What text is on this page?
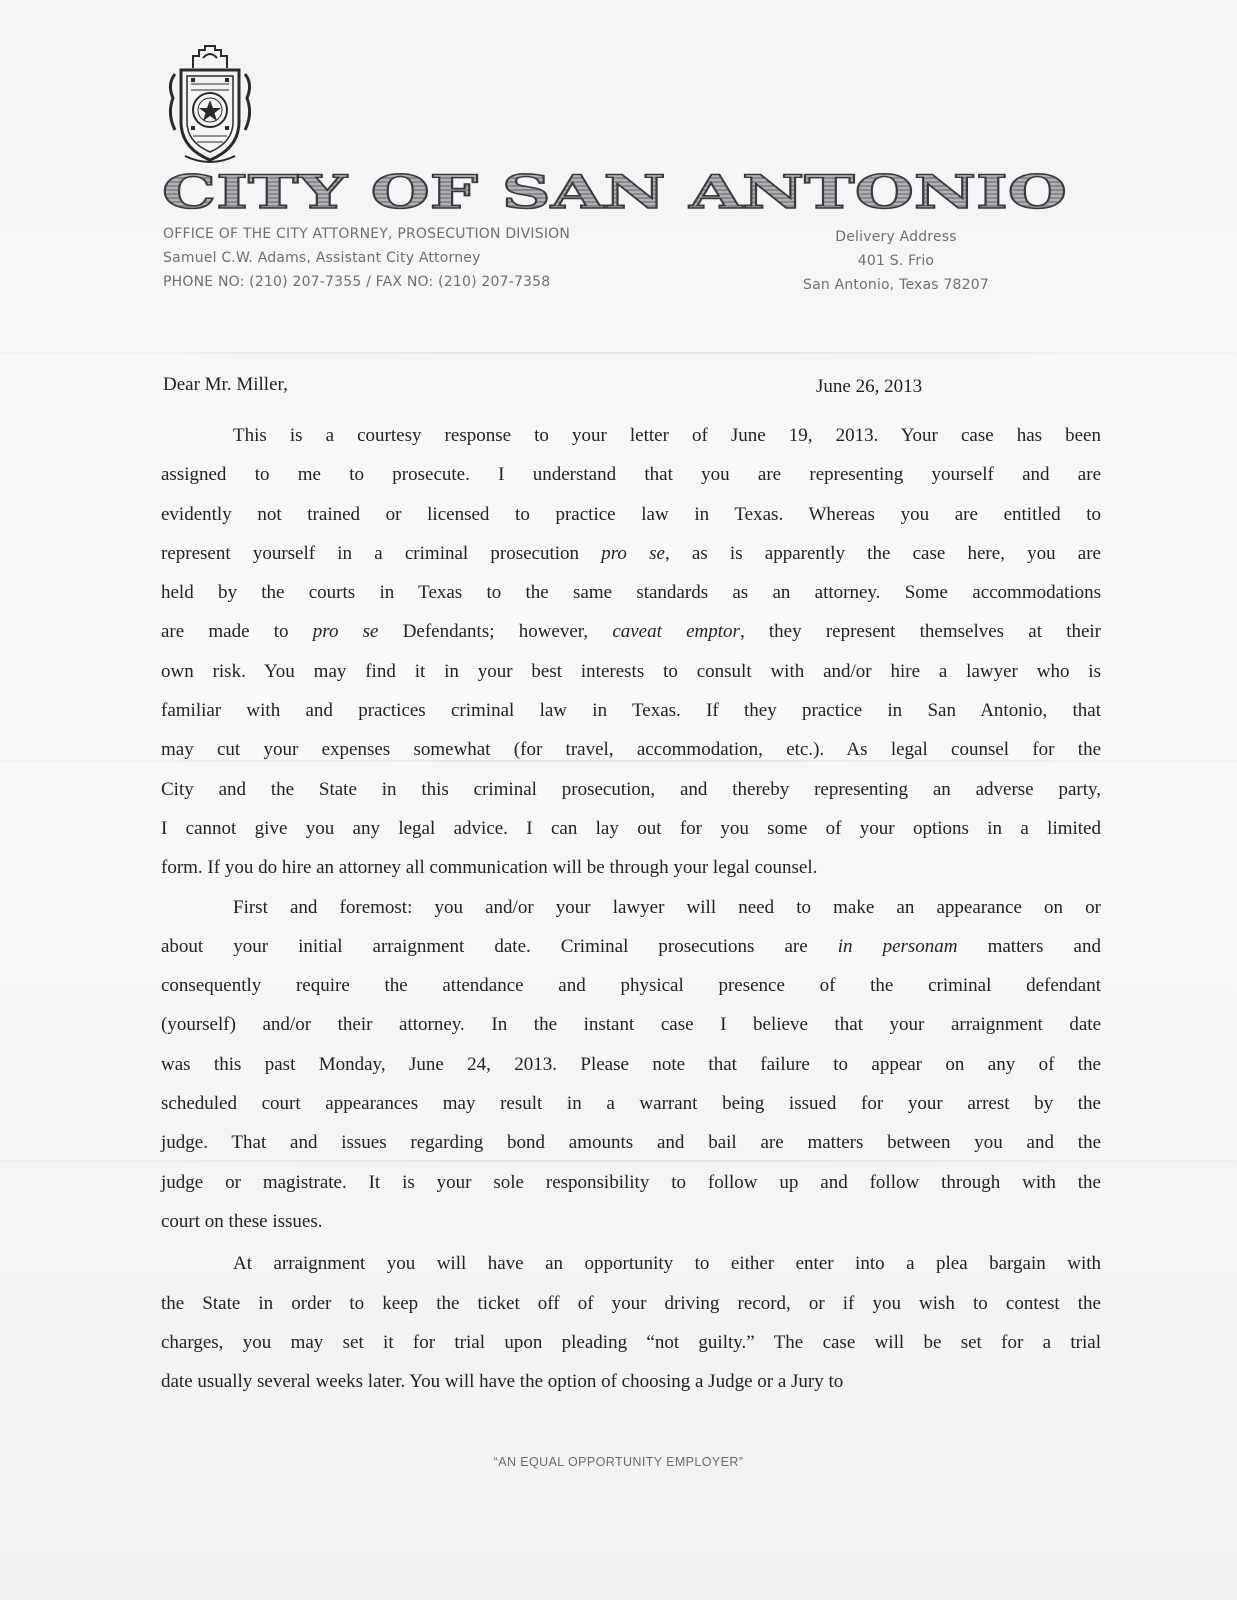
CITY OF SAN ANTONIO
OFFICE OF THE CITY ATTORNEY, PROSECUTION DIVISION
Samuel C.W. Adams, Assistant City Attorney
PHONE NO: (210) 207-7355 / FAX NO: (210) 207-7358
Delivery Address
401 S. Frio
San Antonio, Texas 78207
Dear Mr. Miller,	June 26, 2013
This is a courtesy response to your letter of June 19, 2013. Your case has been
assigned to me to prosecute. I understand that you are representing yourself and are
evidently not trained or licensed to practice law in Texas. Whereas you are entitled to
represent yourself in a criminal prosecution pro se, as is apparently the case here, you are
held by the courts in Texas to the same standards as an attorney. Some accommodations
are made to pro se Defendants; however, caveat emptor, they represent themselves at their
own risk. You may find it in your best interests to consult with and/or hire a lawyer who is
familiar with and practices criminal law in Texas. If they practice in San Antonio, that
may cut your expenses somewhat (for travel, accommodation, etc.). As legal counsel for the
City and the State in this criminal prosecution, and thereby representing an adverse party,
I cannot give you any legal advice. I can lay out for you some of your options in a limited
form. If you do hire an attorney all communication will be through your legal counsel.
First and foremost: you and/or your lawyer will need to make an appearance on or
about your initial arraignment date. Criminal prosecutions are in personam matters and
consequently require the attendance and physical presence of the criminal defendant
(yourself) and/or their attorney. In the instant case I believe that your arraignment date
was this past Monday, June 24, 2013. Please note that failure to appear on any of the
scheduled court appearances may result in a warrant being issued for your arrest by the
judge. That and issues regarding bond amounts and bail are matters between you and the
judge or magistrate. It is your sole responsibility to follow up and follow through with the
court on these issues.
At arraignment you will have an opportunity to either enter into a plea bargain with
the State in order to keep the ticket off of your driving record, or if you wish to contest the
charges, you may set it for trial upon pleading “not guilty.” The case will be set for a trial
date usually several weeks later. You will have the option of choosing a Judge or a Jury to
“AN EQUAL OPPORTUNITY EMPLOYER”
